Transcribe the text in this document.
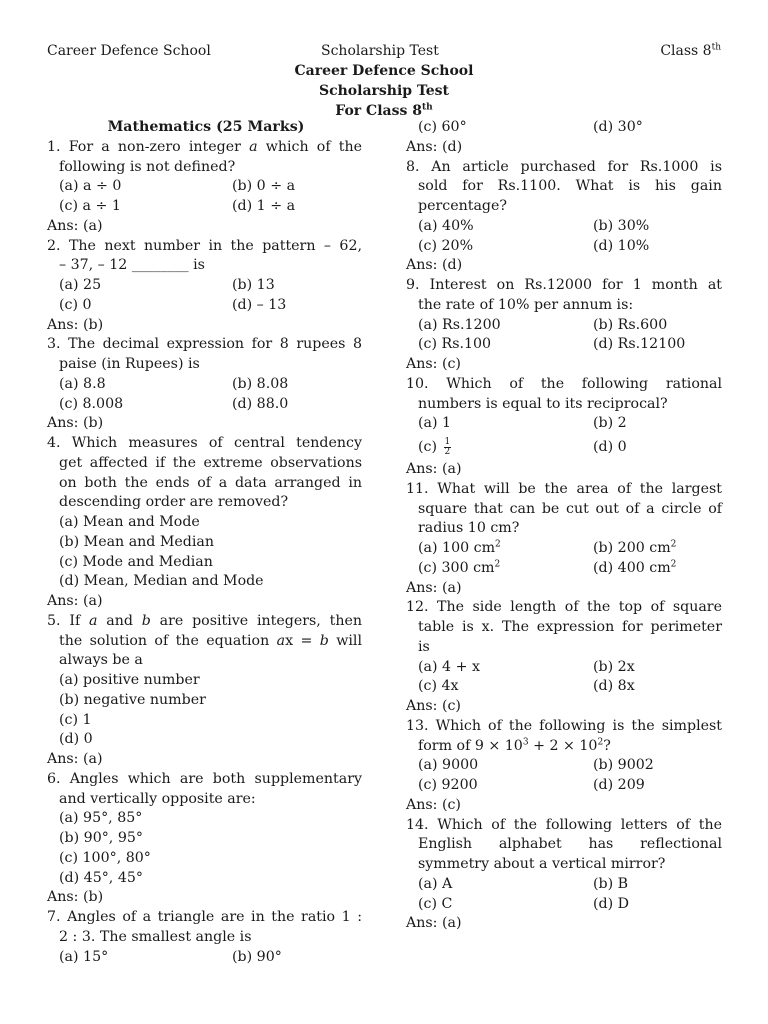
Career Defence School	Scholarship Test	Class 8th
Career Defence School
Scholarship Test
For Class 8th
Mathematics (25 Marks)
1. For a non-zero integer a which of the
following is not defined?
(a) a ÷ 0	(b) 0 ÷ a
(c) a ÷ 1	(d) 1 ÷ a
Ans: (a)
2. The next number in the pattern – 62,
– 37, – 12 ________ is
(a) 25	(b) 13
(c) 0	(d) – 13
Ans: (b)
3. The decimal expression for 8 rupees 8
paise (in Rupees) is
(a) 8.8	(b) 8.08
(c) 8.008	(d) 88.0
Ans: (b)
4. Which measures of central tendency
get affected if the extreme observations
on both the ends of a data arranged in
descending order are removed?
(a) Mean and Mode
(b) Mean and Median
(c) Mode and Median
(d) Mean, Median and Mode
Ans: (a)
5. If a and b are positive integers, then
the solution of the equation ax = b will
always be a
(a) positive number
(b) negative number
(c) 1
(d) 0
Ans: (a)
6. Angles which are both supplementary
and vertically opposite are:
(a) 95°, 85°
(b) 90°, 95°
(c) 100°, 80°
(d) 45°, 45°
Ans: (b)
7. Angles of a triangle are in the ratio 1 :
2 : 3. The smallest angle is
(a) 15°	(b) 90°
(c) 60°	(d) 30°
Ans: (d)
8. An article purchased for Rs.1000 is
sold for Rs.1100. What is his gain
percentage?
(a) 40%	(b) 30%
(c) 20%	(d) 10%
Ans: (d)
9. Interest on Rs.12000 for 1 month at
the rate of 10% per annum is:
(a) Rs.1200	(b) Rs.600
(c) Rs.100	(d) Rs.12100
Ans: (c)
10. Which of the following rational
numbers is equal to its reciprocal?
(a) 1	(b) 2
$(c) \frac{1}{2}$	(d) 0
Ans: (a)
11. What will be the area of the largest
square that can be cut out of a circle of
radius 10 cm?
(a) 100 $cm^2$	(b) 200 $cm^2$
(c) 300 $cm^2$	(d) 400 $cm^2$
Ans: (a)
12. The side length of the top of square
table is x. The expression for perimeter
is
(a) 4 + x	(b) 2x
(c) 4x	(d) 8x
Ans: (c)
13. Which of the following is the simplest
form of $9 \times 10^3 + 2 \times 10^2$?
(a) 9000	(b) 9002
(c) 9200	(d) 209
Ans: (c)
14. Which of the following letters of the
English alphabet has reflectional
symmetry about a vertical mirror?
(a) A	(b) B
(c) C	(d) D
Ans: (a)
